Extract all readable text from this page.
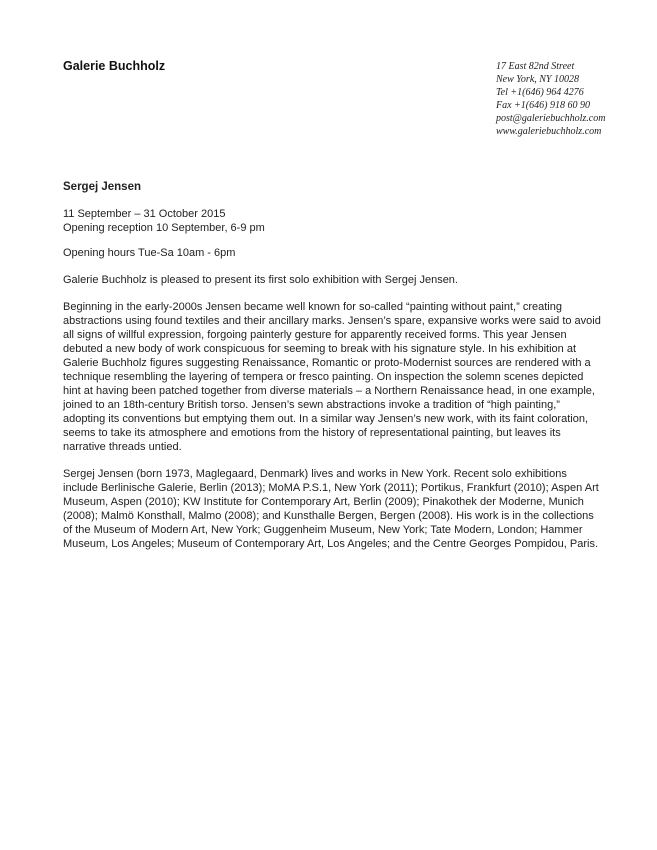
Galerie Buchholz	17 East 82nd Street
New York, NY 10028
Tel +1(646) 964 4276
Fax +1(646) 918 60 90
post@galeriebuchholz.com
www.galeriebuchholz.com
Sergej Jensen
11 September – 31 October 2015
Opening reception 10 September, 6-9 pm
Opening hours Tue-Sa 10am - 6pm

Galerie Buchholz is pleased to present its first solo exhibition with Sergej Jensen.

Beginning in the early-2000s Jensen became well known for so-called “painting without paint,” creating abstractions using found textiles and their ancillary marks. Jensen’s spare, expansive works were said to avoid all signs of willful expression, forgoing painterly gesture for apparently received forms. This year Jensen debuted a new body of work conspicuous for seeming to break with his signature style. In his exhibition at Galerie Buchholz figures suggesting Renaissance, Romantic or proto-Modernist sources are rendered with a technique resembling the layering of tempera or fresco painting. On inspection the solemn scenes depicted hint at having been patched together from diverse materials – a Northern Renaissance head, in one example, joined to an 18th-century British torso. Jensen’s sewn abstractions invoke a tradition of “high painting,” adopting its conventions but emptying them out. In a similar way Jensen’s new work, with its faint coloration, seems to take its atmosphere and emotions from the history of representational painting, but leaves its narrative threads untied.

Sergej Jensen (born 1973, Maglegaard, Denmark) lives and works in New York. Recent solo exhibitions include Berlinische Galerie, Berlin (2013); MoMA P.S.1, New York (2011); Portikus, Frankfurt (2010); Aspen Art Museum, Aspen (2010); KW Institute for Contemporary Art, Berlin (2009); Pinakothek der Moderne, Munich (2008); Malmö Konsthall, Malmo (2008); and Kunsthalle Bergen, Bergen (2008). His work is in the collections of the Museum of Modern Art, New York; Guggenheim Museum, New York; Tate Modern, London; Hammer Museum, Los Angeles; Museum of Contemporary Art, Los Angeles; and the Centre Georges Pompidou, Paris.
